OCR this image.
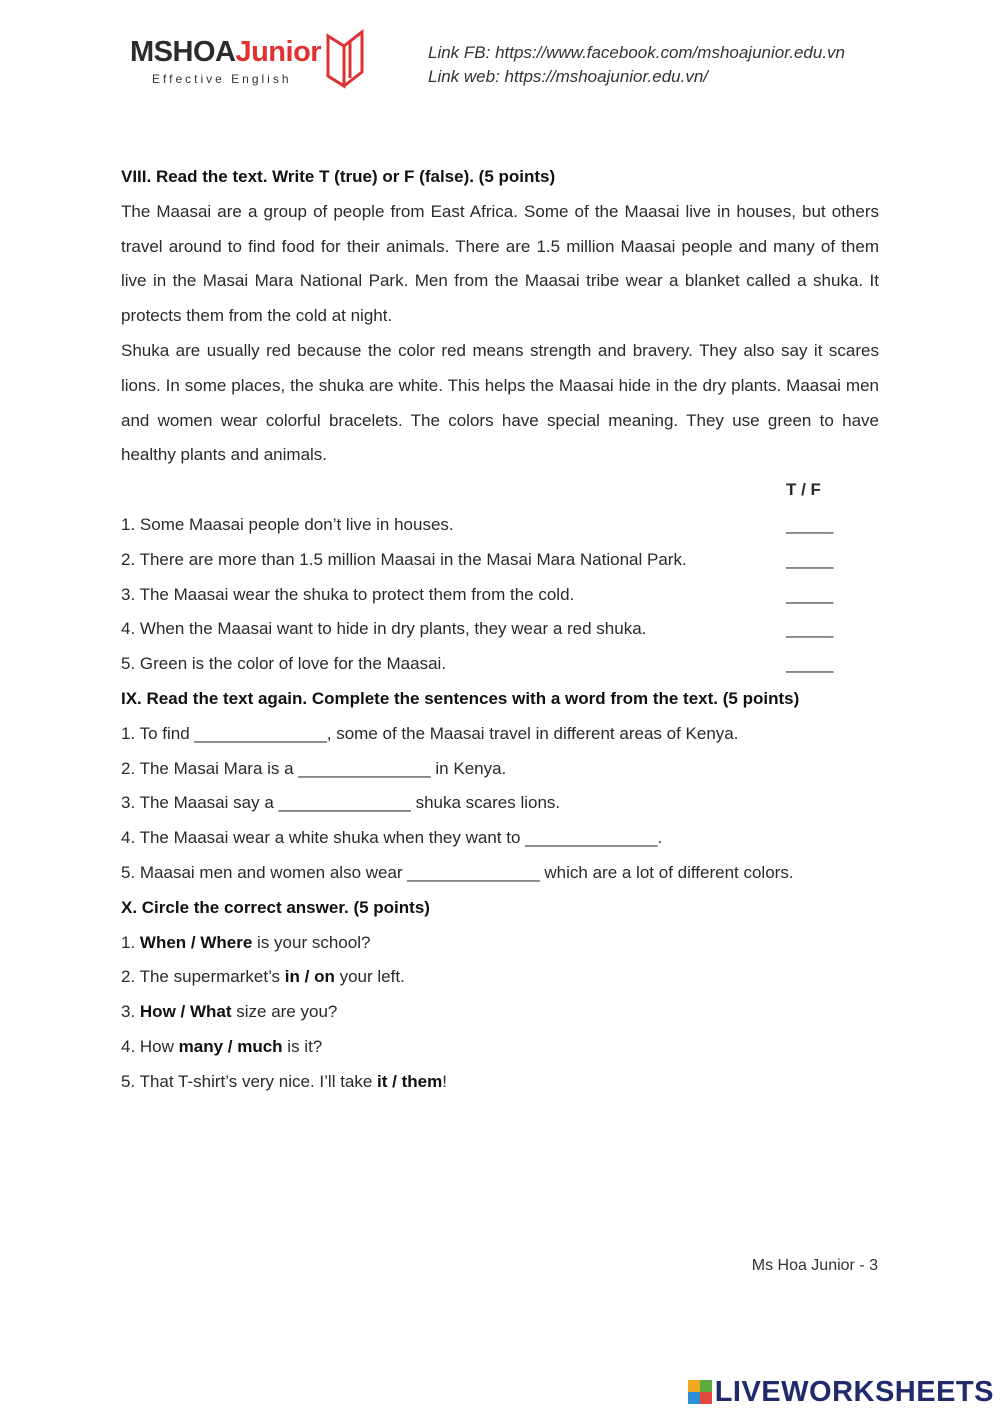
MSHOAJunior
Effective English
Link FB: https://www.facebook.com/mshoajunior.edu.vn
Link web: https://mshoajunior.edu.vn/
VIII. Read the text. Write T (true) or F (false). (5 points)
The Maasai are a group of people from East Africa. Some of the Maasai live in houses, but others travel around to find food for their animals. There are 1.5 million Maasai people and many of them live in the Masai Mara National Park. Men from the Maasai tribe wear a blanket called a shuka. It protects them from the cold at night.
Shuka are usually red because the color red means strength and bravery. They also say it scares lions. In some places, the shuka are white. This helps the Maasai hide in the dry plants. Maasai men and women wear colorful bracelets. The colors have special meaning. They use green to have healthy plants and animals.
T / F
1. Some Maasai people don’t live in houses.	_____
2. There are more than 1.5 million Maasai in the Masai Mara National Park.	_____
3. The Maasai wear the shuka to protect them from the cold.	_____
4. When the Maasai want to hide in dry plants, they wear a red shuka.	_____
5. Green is the color of love for the Maasai.	_____
IX. Read the text again. Complete the sentences with a word from the text. (5 points)
1. To find ______________, some of the Maasai travel in different areas of Kenya.
2. The Masai Mara is a ______________ in Kenya.
3. The Maasai say a ______________ shuka scares lions.
4. The Maasai wear a white shuka when they want to ______________.
5. Maasai men and women also wear ______________ which are a lot of different colors.
X. Circle the correct answer. (5 points)
1. When / Where is your school?
2. The supermarket’s in / on your left.
3. How / What size are you?
4. How many / much is it?
5. That T-shirt’s very nice. I’ll take it / them!
Ms Hoa Junior - 3
LIVEWORKSHEETS
